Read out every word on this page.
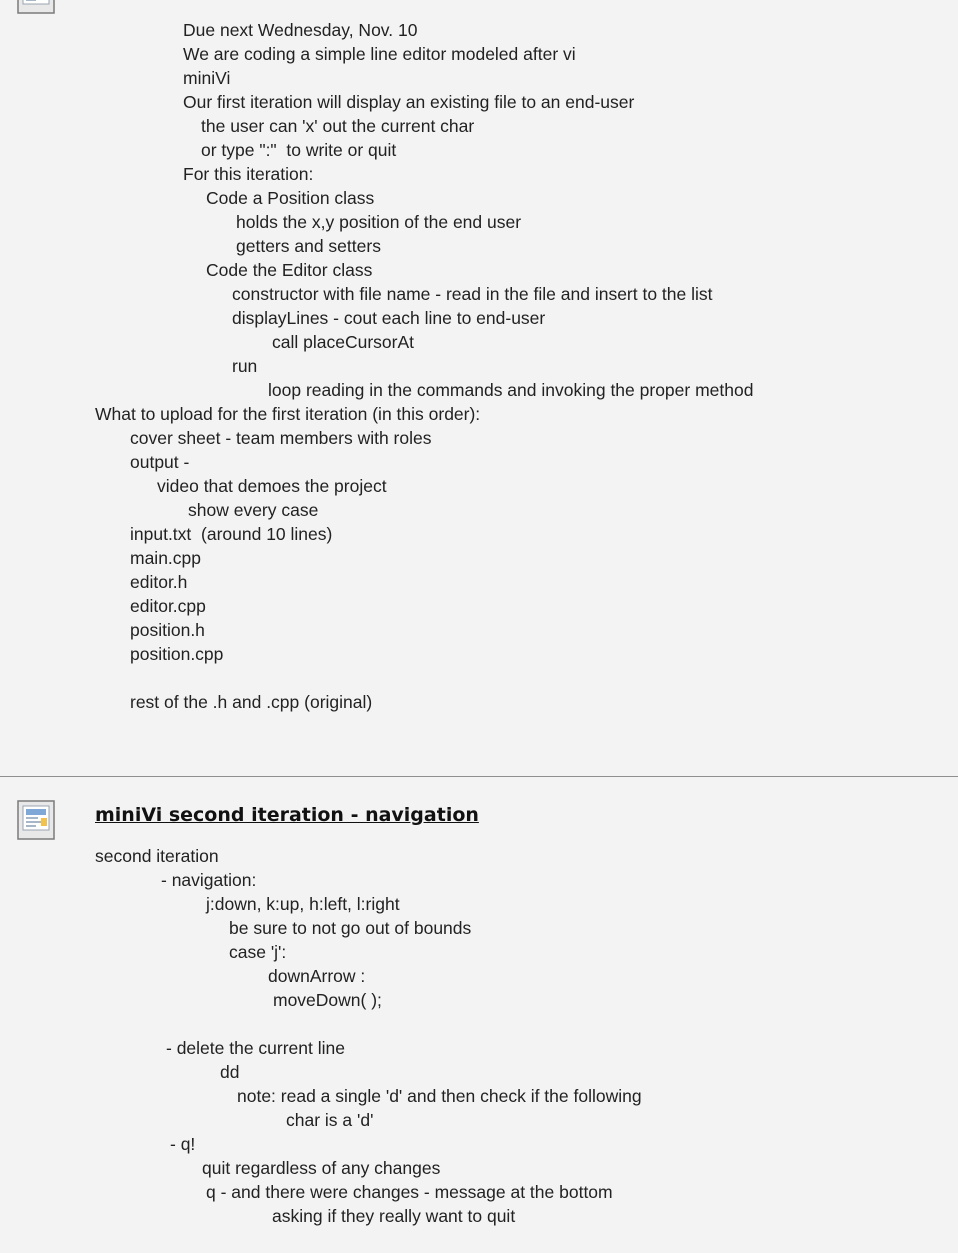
Due next Wednesday, Nov. 10
We are coding a simple line editor modeled after vi
miniVi
Our first iteration will display an existing file to an end-user
the user can 'x' out the current char
or type ":"  to write or quit
For this iteration:
Code a Position class
holds the x,y position of the end user
getters and setters
Code the Editor class
constructor with file name - read in the file and insert to the list
displayLines - cout each line to end-user
call placeCursorAt
run
loop reading in the commands and invoking the proper method
What to upload for the first iteration (in this order):
cover sheet - team members with roles
output -
video that demoes the project
show every case
input.txt  (around 10 lines)
main.cpp
editor.h
editor.cpp
position.h
position.cpp
rest of the .h and .cpp (original)
miniVi second iteration - navigation
second iteration
- navigation:
j:down, k:up, h:left, l:right
be sure to not go out of bounds
case 'j':
downArrow :
moveDown( );
- delete the current line
dd
note: read a single 'd' and then check if the following
char is a 'd'
- q!
quit regardless of any changes
q - and there were changes - message at the bottom
asking if they really want to quit
